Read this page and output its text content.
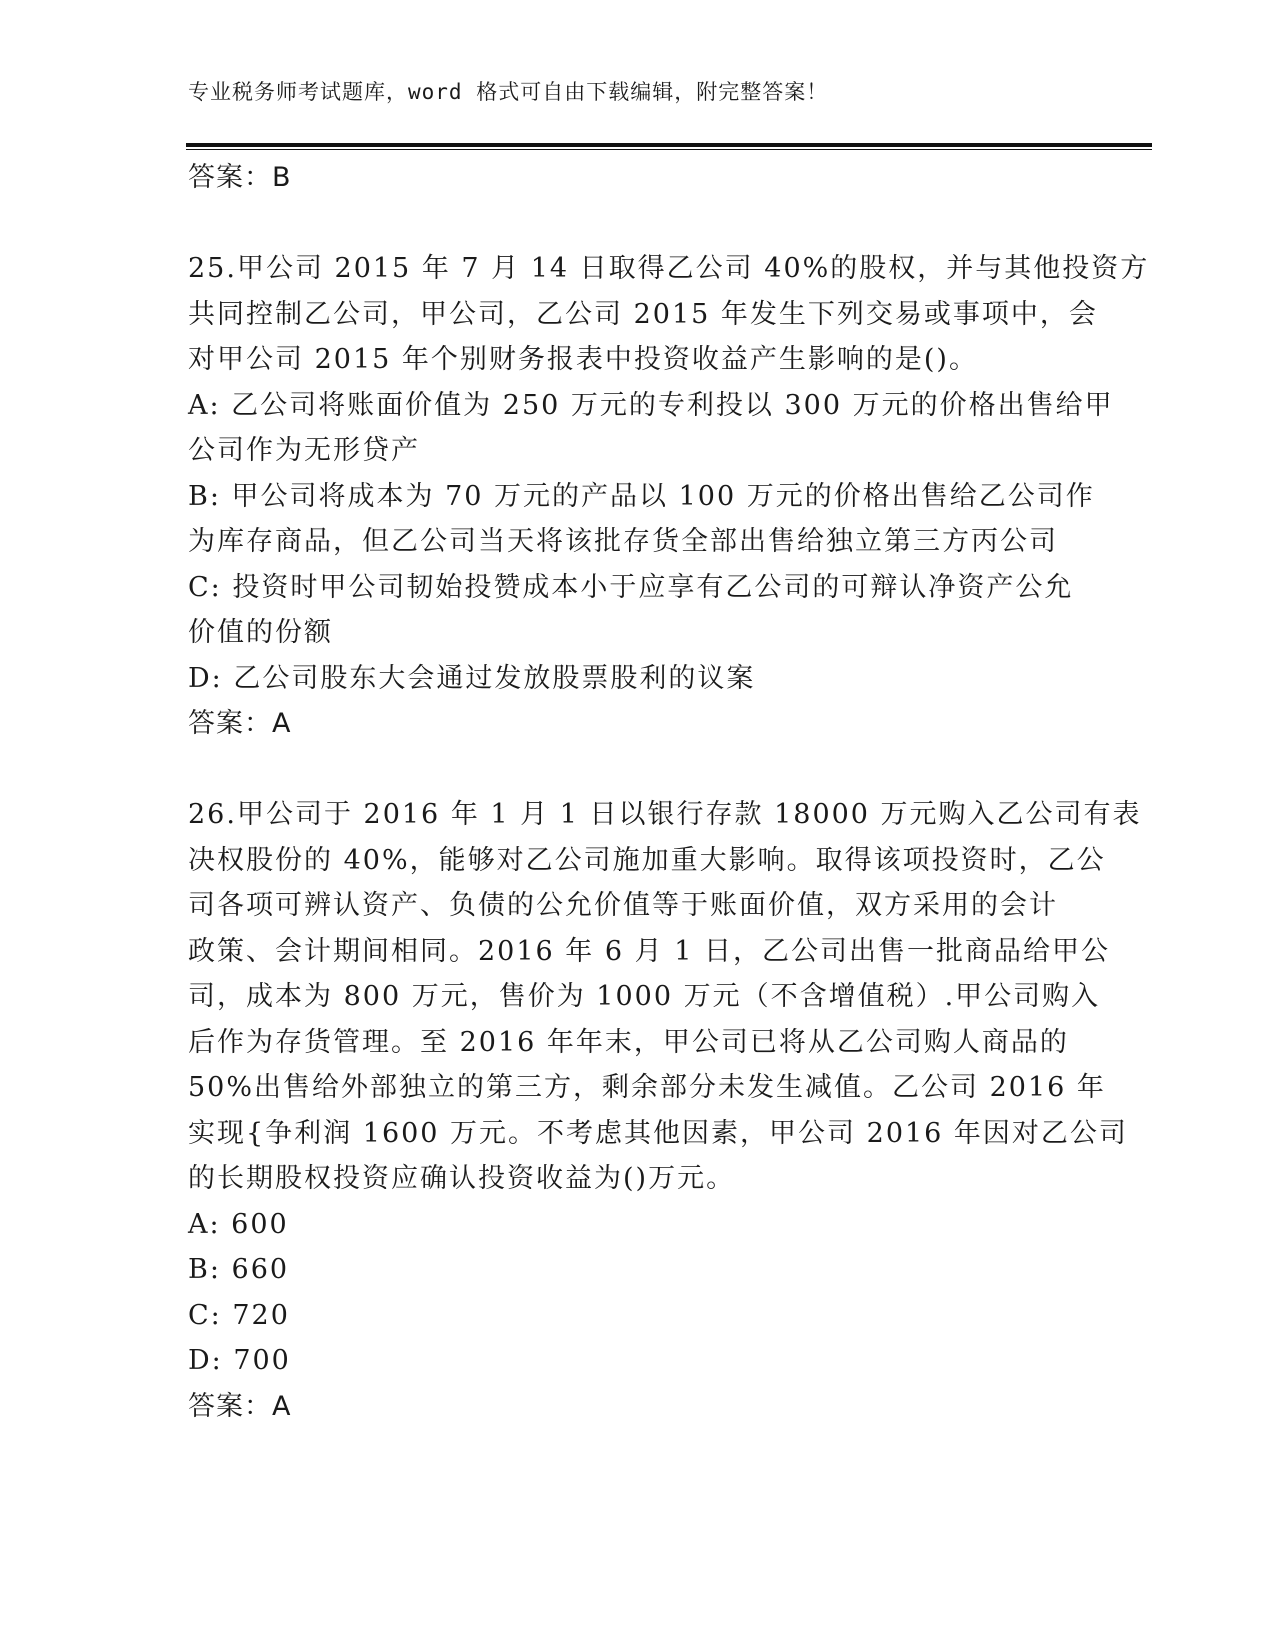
专业税务师考试题库，word 格式可自由下载编辑，附完整答案！
答案：B
25.甲公司 2015 年 7 月 14 日取得乙公司 40%的股权，并与其他投资方
共同控制乙公司，甲公司，乙公司 2015 年发生下列交易或事项中，会
对甲公司 2015 年个别财务报表中投资收益产生影响的是()。
A: 乙公司将账面价值为 250 万元的专利投以 300 万元的价格出售给甲
公司作为无形贷产
B: 甲公司将成本为 70 万元的产品以 100 万元的价格出售给乙公司作
为库存商品，但乙公司当天将该批存货全部出售给独立第三方丙公司
C: 投资时甲公司韧始投赞成本小于应享有乙公司的可辩认净资产公允
价值的份额
D: 乙公司股东大会通过发放股票股利的议案
答案：A
26.甲公司于 2016 年 1 月 1 日以银行存款 18000 万元购入乙公司有表
决权股份的 40%，能够对乙公司施加重大影响。取得该项投资时，乙公
司各项可辨认资产、负债的公允价值等于账面价值，双方采用的会计
政策、会计期间相同。2016 年 6 月 1 日，乙公司出售一批商品给甲公
司，成本为 800 万元，售价为 1000 万元（不含增值税）.甲公司购入
后作为存货管理。至 2016 年年末，甲公司已将从乙公司购人商品的
50%出售给外部独立的第三方，剩余部分未发生减值。乙公司 2016 年
实现{争利润 1600 万元。不考虑其他因素，甲公司 2016 年因对乙公司
的长期股权投资应确认投资收益为()万元。
A: 600
B: 660
C: 720
D: 700
答案：A
